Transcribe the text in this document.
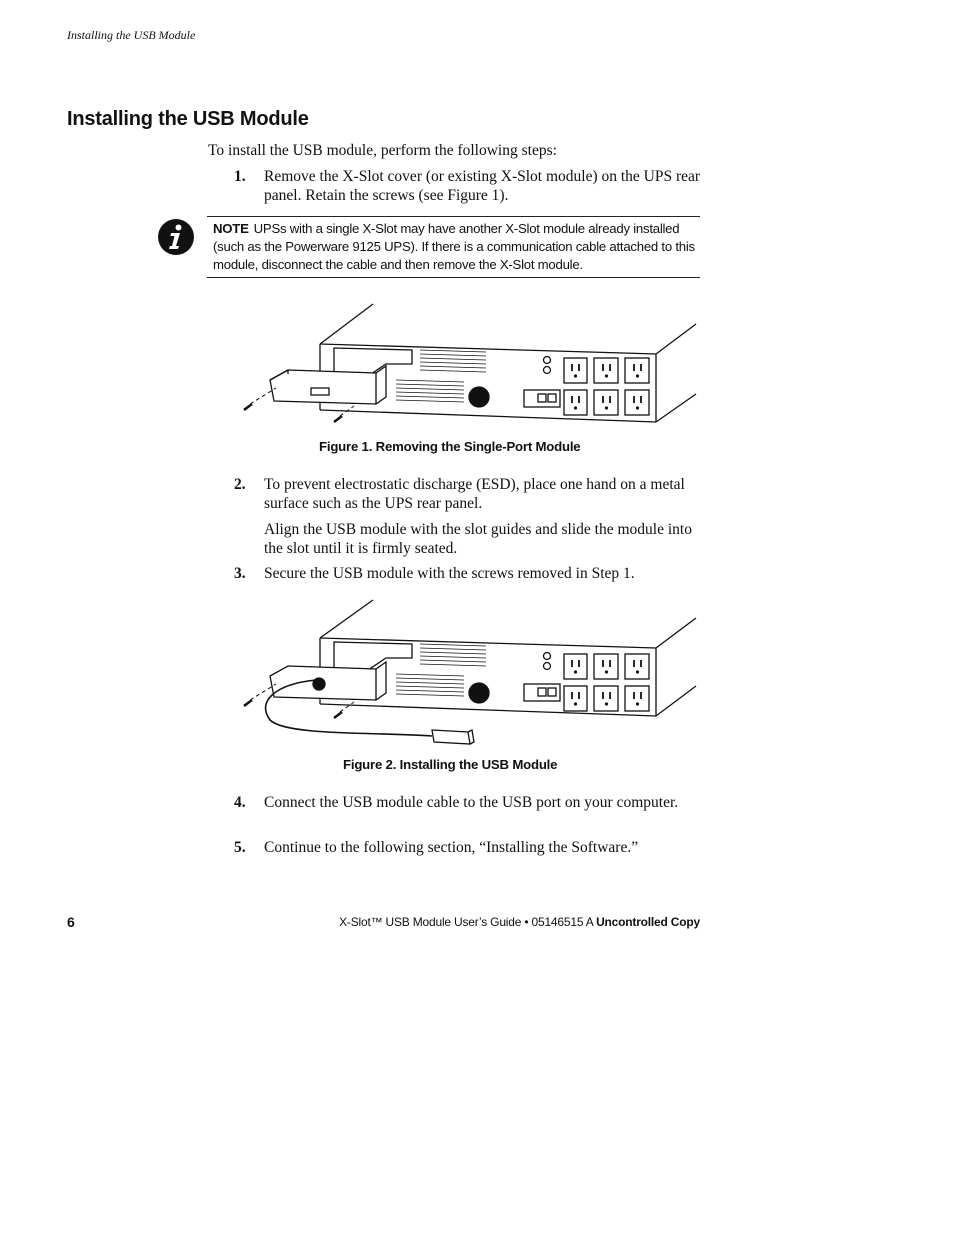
Installing the USB Module
Installing the USB Module
To install the USB module, perform the following steps:
1. Remove the X-Slot cover (or existing X-Slot module) on the UPS rear panel. Retain the screws (see Figure 1).
NOTE UPSs with a single X-Slot may have another X-Slot module already installed (such as the Powerware 9125 UPS). If there is a communication cable attached to this module, disconnect the cable and then remove the X-Slot module.
Figure 1. Removing the Single-Port Module
2. To prevent electrostatic discharge (ESD), place one hand on a metal surface such as the UPS rear panel.
Align the USB module with the slot guides and slide the module into the slot until it is firmly seated.
3. Secure the USB module with the screws removed in Step 1.
Figure 2. Installing the USB Module
4. Connect the USB module cable to the USB port on your computer.
5. Continue to the following section, “Installing the Software.”
6	X-Slot™ USB Module User’s Guide • 05146515 A Uncontrolled Copy
